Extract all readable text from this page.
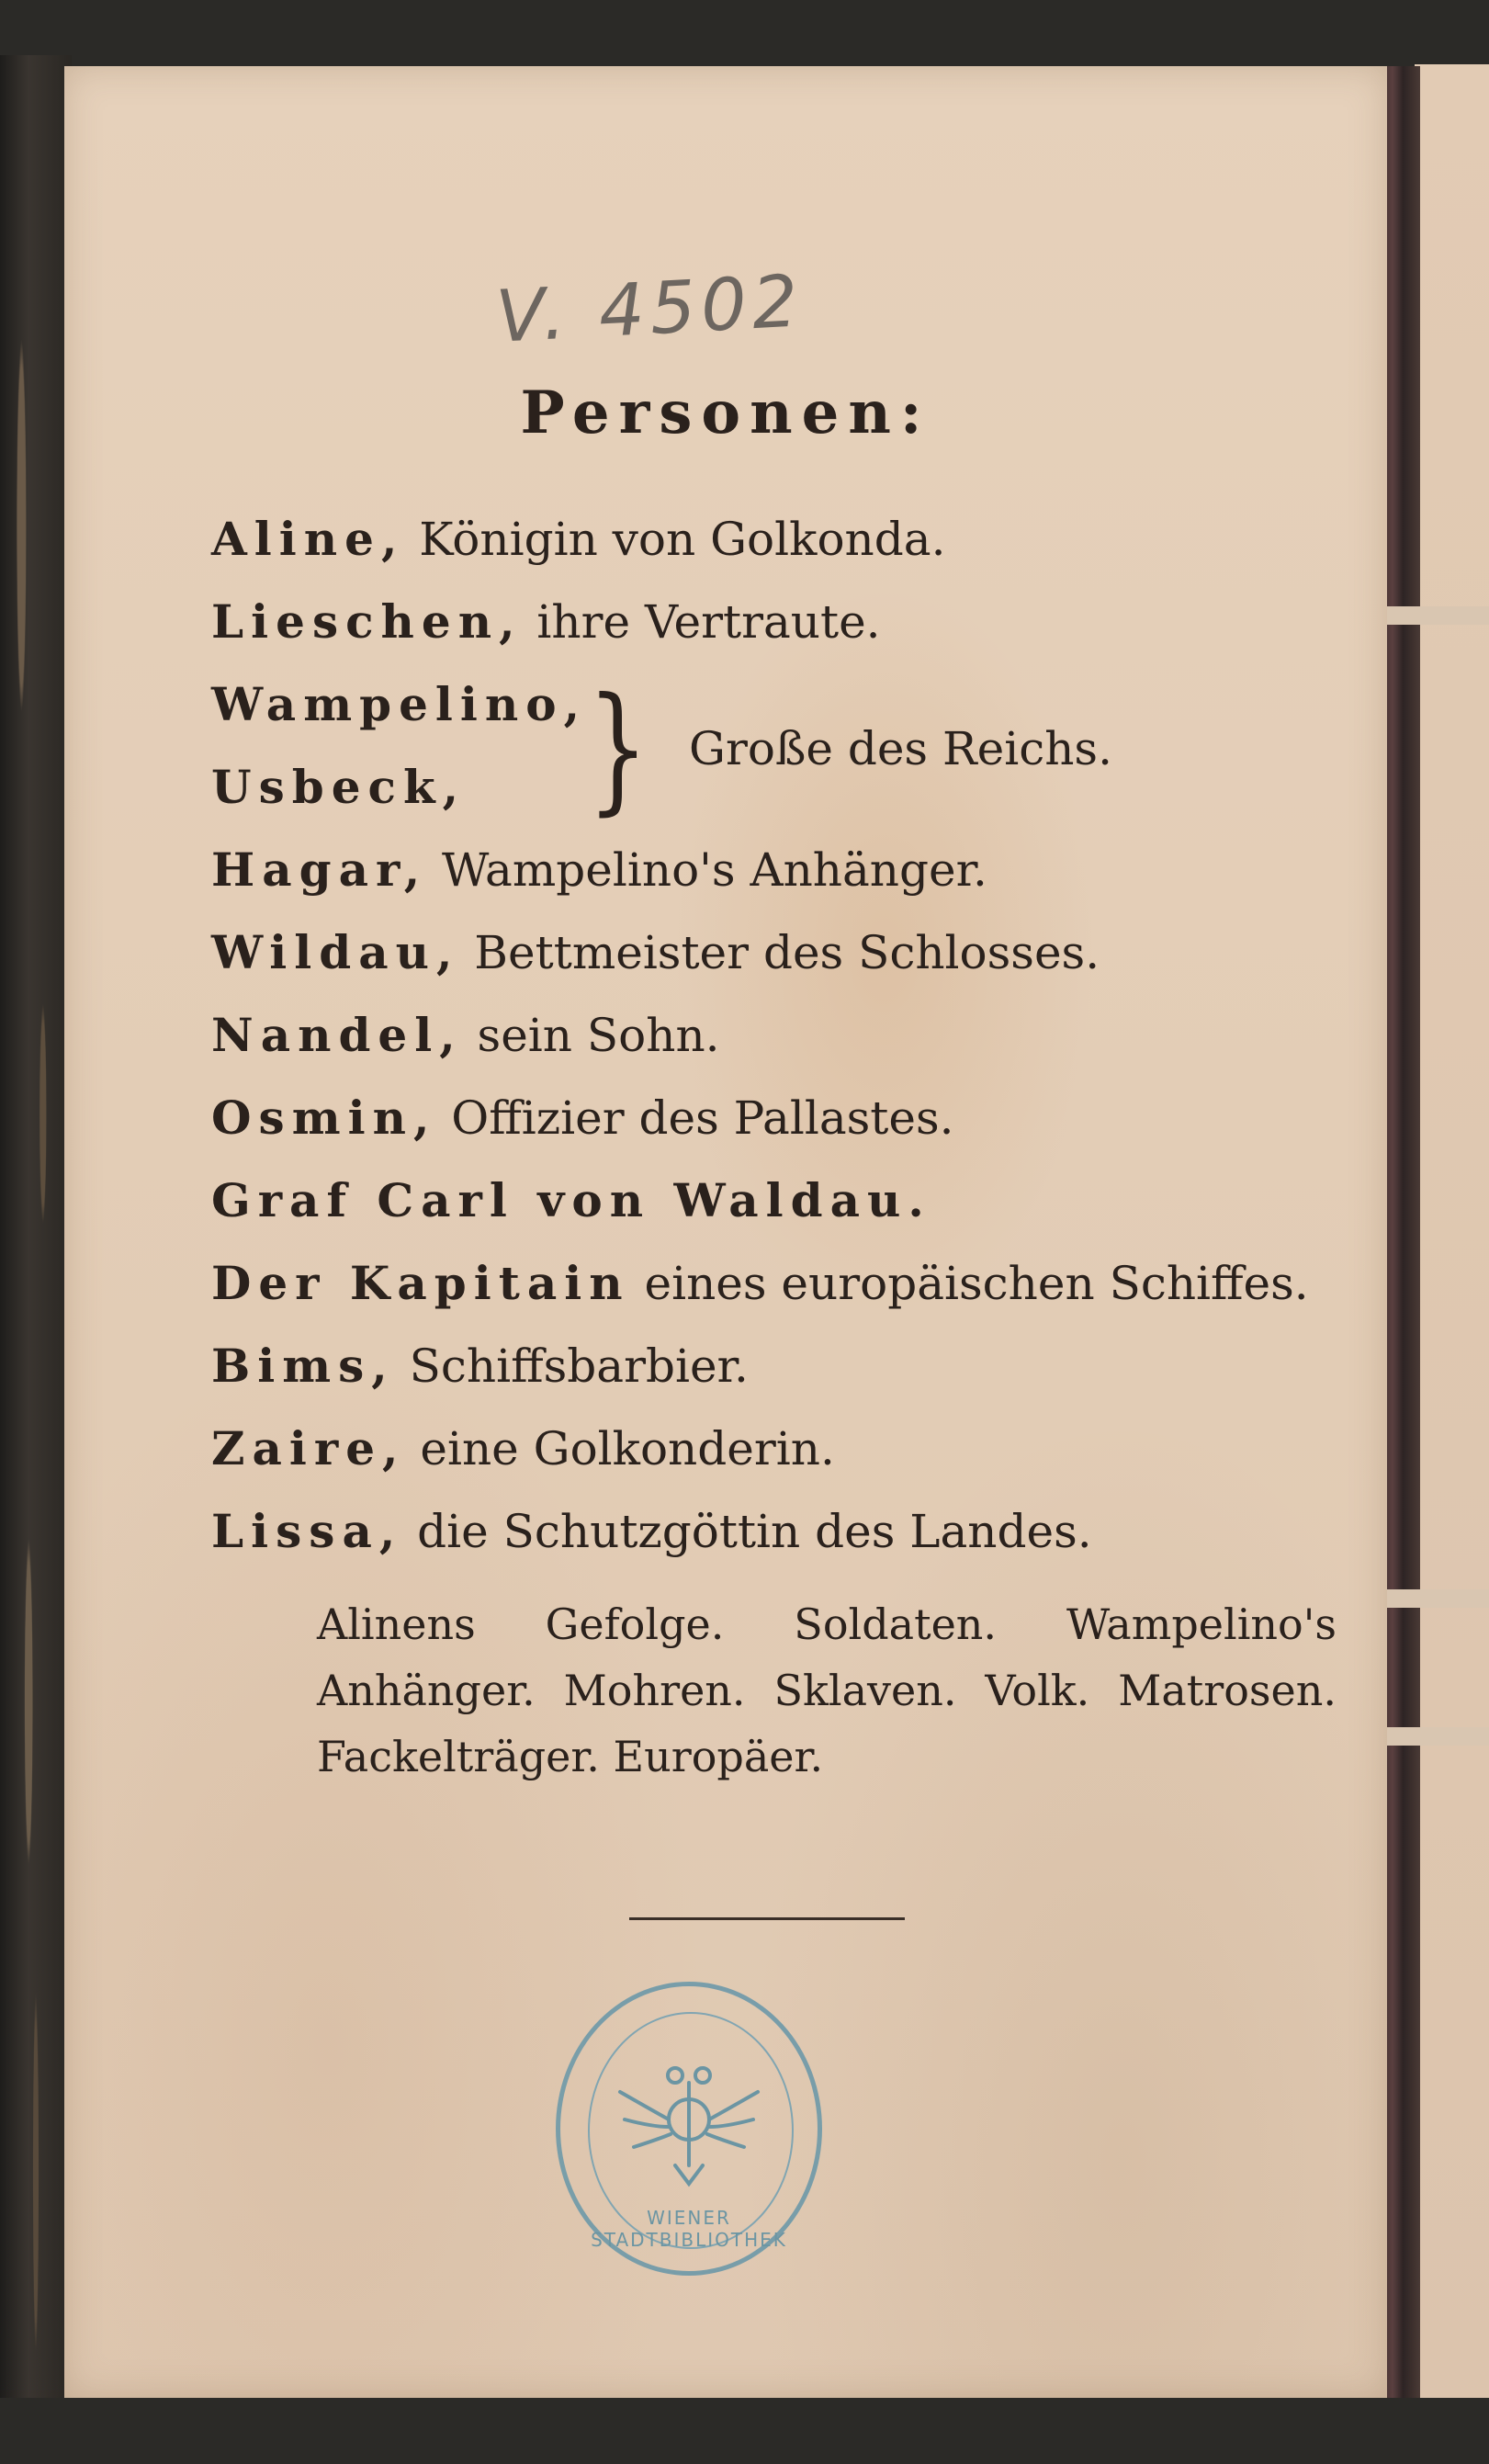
V. 4502
Personen:
Aline, Königin von Golkonda.
Lieschen, ihre Vertraute.
Wampelino,
Usbeck, } Große des Reichs.
Hagar, Wampelino's Anhänger.
Wildau, Bettmeister des Schlosses.
Nandel, sein Sohn.
Osmin, Offizier des Pallastes.
Graf Carl von Waldau.
Der Kapitain eines europäischen Schiffes.
Bims, Schiffsbarbier.
Zaire, eine Golkonderin.
Lissa, die Schutzgöttin des Landes.
Alinens Gefolge. Soldaten. Wampelino's Anhänger. Mohren. Sklaven. Volk. Matrosen. Fackelträger. Europäer.
WIENER STADTBIBLIOTHEK
